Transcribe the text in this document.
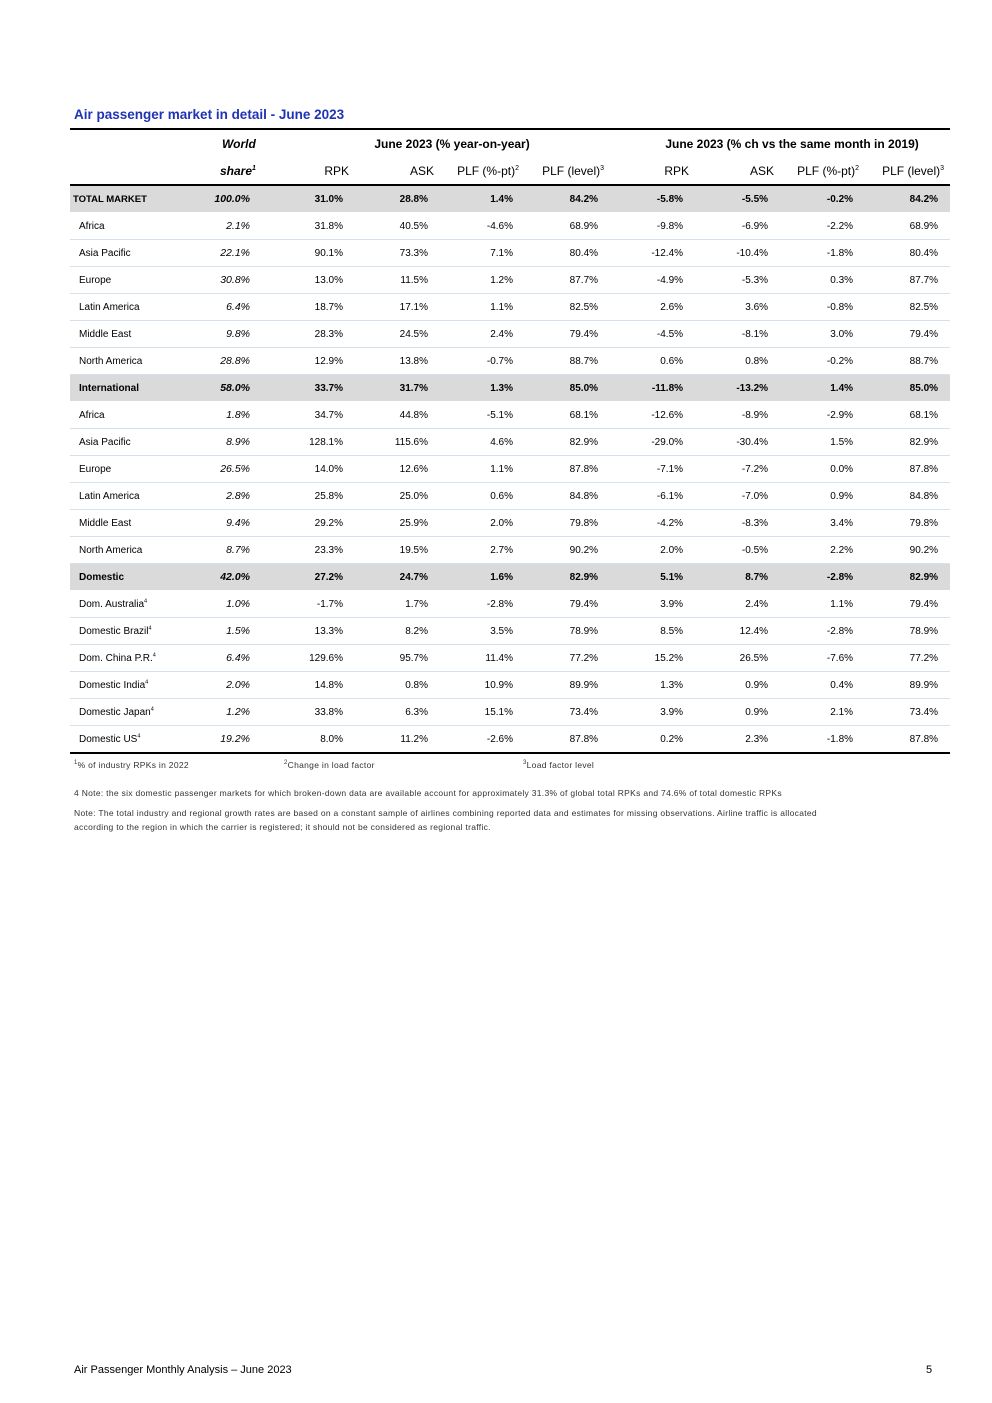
Air passenger market in detail - June 2023
	World	June 2023 (% year-on-year)				June 2023 (% ch vs the same month in 2019)			
	share$^1$	RPK	ASK	PLF $(\%-pt)^2$	PLF (level)$^3$	RPK	ASK	PLF $(\%-pt)^2$	PLF (level)$^3$
TOTAL MARKET	100.0%	31.0%	28.8%	1.4%	84.2%	-5.8%	-5.5%	-0.2%	84.2%
Africa	2.1%	31.8%	40.5%	-4.6%	68.9%	-9.8%	-6.9%	-2.2%	68.9%
Asia Pacific	22.1%	90.1%	73.3%	7.1%	80.4%	-12.4%	-10.4%	-1.8%	80.4%
Europe	30.8%	13.0%	11.5%	1.2%	87.7%	-4.9%	-5.3%	0.3%	87.7%
Latin America	6.4%	18.7%	17.1%	1.1%	82.5%	2.6%	3.6%	-0.8%	82.5%
Middle East	9.8%	28.3%	24.5%	2.4%	79.4%	-4.5%	-8.1%	3.0%	79.4%
North America	28.8%	12.9%	13.8%	-0.7%	88.7%	0.6%	0.8%	-0.2%	88.7%
International	58.0%	33.7%	31.7%	1.3%	85.0%	-11.8%	-13.2%	1.4%	85.0%
Africa	1.8%	34.7%	44.8%	-5.1%	68.1%	-12.6%	-8.9%	-2.9%	68.1%
Asia Pacific	8.9%	128.1%	115.6%	4.6%	82.9%	-29.0%	-30.4%	1.5%	82.9%
Europe	26.5%	14.0%	12.6%	1.1%	87.8%	-7.1%	-7.2%	0.0%	87.8%
Latin America	2.8%	25.8%	25.0%	0.6%	84.8%	-6.1%	-7.0%	0.9%	84.8%
Middle East	9.4%	29.2%	25.9%	2.0%	79.8%	-4.2%	-8.3%	3.4%	79.8%
North America	8.7%	23.3%	19.5%	2.7%	90.2%	2.0%	-0.5%	2.2%	90.2%
Domestic	42.0%	27.2%	24.7%	1.6%	82.9%	5.1%	8.7%	-2.8%	82.9%
Dom. Australia$^4$	1.0%	-1.7%	1.7%	-2.8%	79.4%	3.9%	2.4%	1.1%	79.4%
Domestic Brazil$^4$	1.5%	13.3%	8.2%	3.5%	78.9%	8.5%	12.4%	-2.8%	78.9%
Dom. China P.R.$^4$	6.4%	129.6%	95.7%	11.4%	77.2%	15.2%	26.5%	-7.6%	77.2%
Domestic India$^4$	2.0%	14.8%	0.8%	10.9%	89.9%	1.3%	0.9%	0.4%	89.9%
Domestic Japan$^4$	1.2%	33.8%	6.3%	15.1%	73.4%	3.9%	0.9%	2.1%	73.4%
Domestic $US^4$	19.2%	8.0%	11.2%	-2.6%	87.8%	0.2%	2.3%	-1.8%	87.8%
$^1$% of industry RPKs in 2022	$^2$Change in load factor	$^3$Load factor level
4 Note: the six domestic passenger markets for which broken-down data are available account for approximately 31.3% of global total RPKs and 74.6% of total domestic RPKs
Note: The total industry and regional growth rates are based on a constant sample of airlines combining reported data and estimates for missing observations. Airline traffic is allocated
according to the region in which the carrier is registered; it should not be considered as regional traffic.
Air Passenger Monthly Analysis – June 2023	5
